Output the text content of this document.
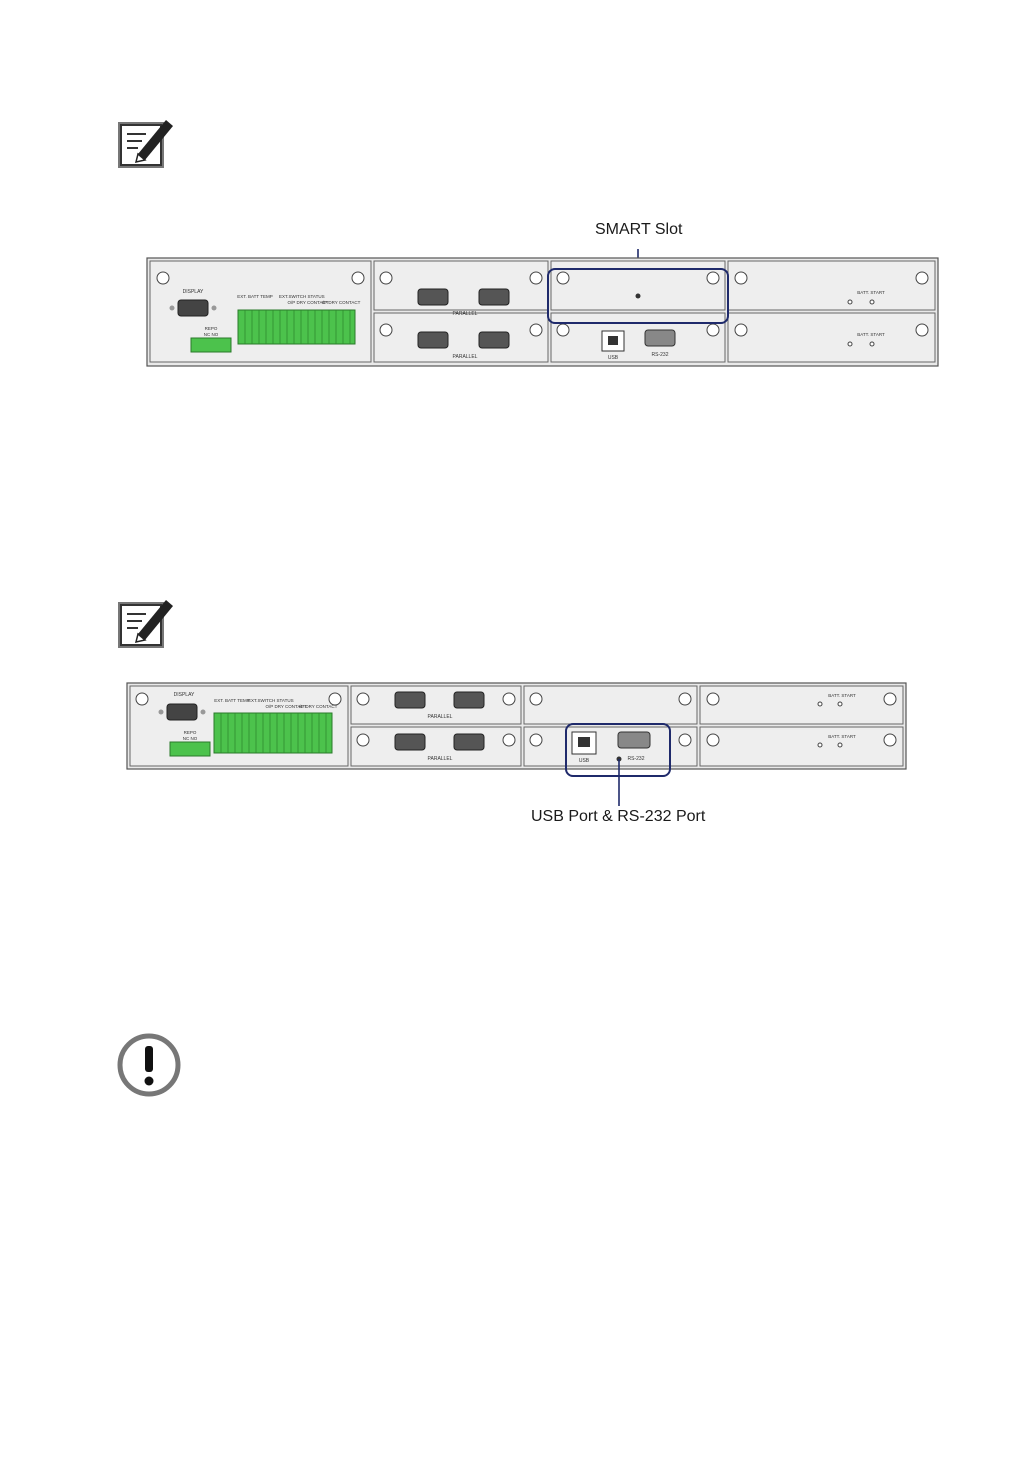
SMART Slot
DISPLAY
REPO
NC NO
EXT. BATT TEMP EXT.SWITCH STATUS
O/P DRY CONTACT
I/P DRY CONTACT
PARALLEL
PARALLEL	USB	RS-232
BATT. START
BATT. START
DISPLAY
REPO
NC NO
EXT. BATT TEMP
EXT.SWITCH STATUS
O/P DRY CONTACT
I/P DRY CONTACT
PARALLEL
PARALLEL	USB	RS-232
BATT. START
BATT. START
USB Port & RS-232 Port
